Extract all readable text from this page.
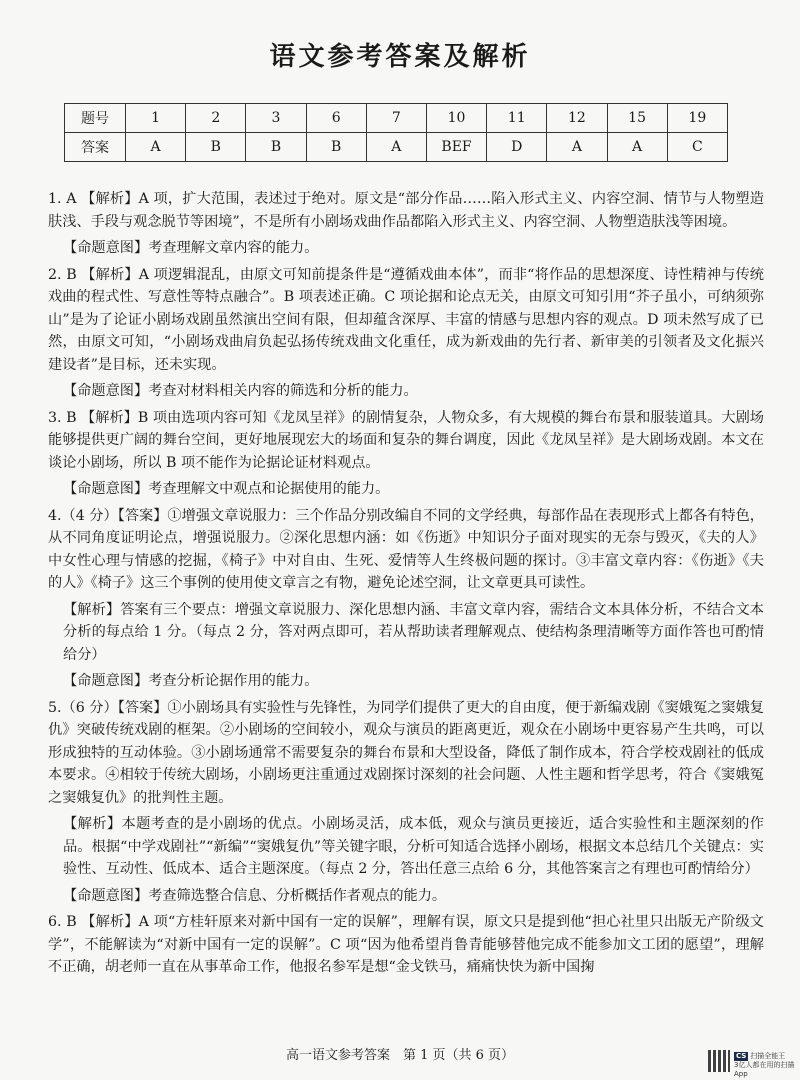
语文参考答案及解析
题号	1	2	3	6	7	10	11	12	15	19
答案	A	B	B	B	A	BEF	D	A	A	C

1. A 【解析】A 项，扩大范围，表述过于绝对。原文是“部分作品……陷入形式主义、内容空洞、情节与人物塑造肤浅、手段与观念脱节等困境”，不是所有小剧场戏曲作品都陷入形式主义、内容空洞、人物塑造肤浅等困境。

【命题意图】考查理解文章内容的能力。

2. B 【解析】A 项逻辑混乱，由原文可知前提条件是“遵循戏曲本体”，而非“将作品的思想深度、诗性精神与传统戏曲的程式性、写意性等特点融合”。B 项表述正确。C 项论据和论点无关，由原文可知引用“芥子虽小，可纳须弥山”是为了论证小剧场戏剧虽然演出空间有限，但却蕴含深厚、丰富的情感与思想内容的观点。D 项未然写成了已然，由原文可知，“小剧场戏曲肩负起弘扬传统戏曲文化重任，成为新戏曲的先行者、新审美的引领者及文化振兴建设者”是目标，还未实现。

【命题意图】考查对材料相关内容的筛选和分析的能力。

3. B 【解析】B 项由选项内容可知《龙凤呈祥》的剧情复杂，人物众多，有大规模的舞台布景和服装道具。大剧场能够提供更广阔的舞台空间，更好地展现宏大的场面和复杂的舞台调度，因此《龙凤呈祥》是大剧场戏剧。本文在谈论小剧场，所以 B 项不能作为论据论证材料观点。

【命题意图】考查理解文中观点和论据使用的能力。

4.（4 分）【答案】①增强文章说服力：三个作品分别改编自不同的文学经典，每部作品在表现形式上都各有特色，从不同角度证明论点，增强说服力。②深化思想内涵：如《伤逝》中知识分子面对现实的无奈与毁灭，《夫的人》中女性心理与情感的挖掘，《椅子》中对自由、生死、爱情等人生终极问题的探讨。③丰富文章内容：《伤逝》《夫的人》《椅子》这三个事例的使用使文章言之有物，避免论述空洞，让文章更具可读性。

【解析】答案有三个要点：增强文章说服力、深化思想内涵、丰富文章内容，需结合文本具体分析，不结合文本分析的每点给 1 分。（每点 2 分，答对两点即可，若从帮助读者理解观点、使结构条理清晰等方面作答也可酌情给分）

【命题意图】考查分析论据作用的能力。

5.（6 分）【答案】①小剧场具有实验性与先锋性，为同学们提供了更大的自由度，便于新编戏剧《窦娥冤之窦娥复仇》突破传统戏剧的框架。②小剧场的空间较小，观众与演员的距离更近，观众在小剧场中更容易产生共鸣，可以形成独特的互动体验。③小剧场通常不需要复杂的舞台布景和大型设备，降低了制作成本，符合学校戏剧社的低成本要求。④相较于传统大剧场，小剧场更注重通过戏剧探讨深刻的社会问题、人性主题和哲学思考，符合《窦娥冤之窦娥复仇》的批判性主题。

【解析】本题考查的是小剧场的优点。小剧场灵活，成本低，观众与演员更接近，适合实验性和主题深刻的作品。根据“中学戏剧社”“新编”“窦娥复仇”等关键字眼，分析可知适合选择小剧场，根据文本总结几个关键点：实验性、互动性、低成本、适合主题深度。（每点 2 分，答出任意三点给 6 分，其他答案言之有理也可酌情给分）

【命题意图】考查筛选整合信息、分析概括作者观点的能力。

6. B 【解析】A 项“方桂轩原来对新中国有一定的误解”，理解有误，原文只是提到他“担心社里只出版无产阶级文学”，不能解读为“对新中国有一定的误解”。C 项“因为他希望肖鲁青能够替他完成不能参加文工团的愿望”，理解不正确，胡老师一直在从事革命工作，他报名参军是想“金戈铁马，痛痛快快为新中国掬

高一语文参考答案　第 1 页（共 6 页）	CS 扫描全能王
3亿人都在用的扫描App
